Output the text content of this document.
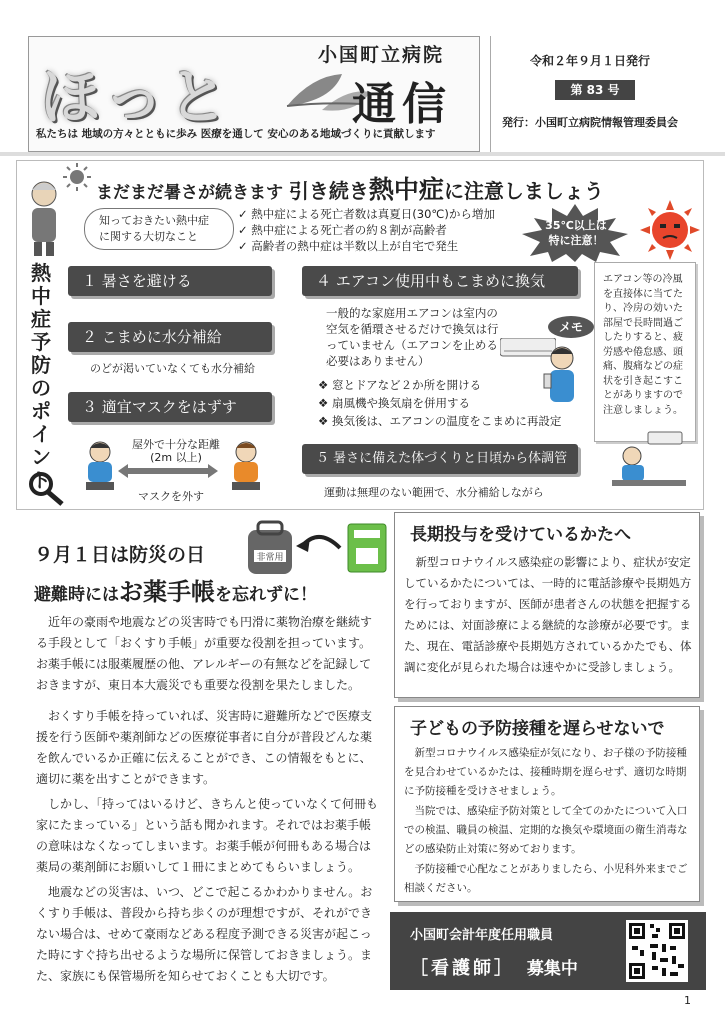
ほっと
小国町立病院
通信
私たちは 地域の方々とともに歩み 医療を通して 安心のある地域づくりに貢献します
令和２年９月１日発行
第 83 号
発行：小国町立病院情報管理委員会
まだまだ暑さが続きます 引き続き熱中症に注意しましょう
知っておきたい熱中症
に関する大切なこと
✓ 熱中症による死亡者数は真夏日(30℃)から増加
✓ 熱中症による死亡者の約８割が高齢者
✓ 高齢者の熱中症は半数以上が自宅で発生
35℃以上は
特に注意！
熱中症予防のポイント
１ 暑さを避ける
２ こまめに水分補給
のどが渇いていなくても水分補給
３ 適宜マスクをはずす
屋外で十分な距離
(2m 以上)
マスクを外す
４ エアコン使用中もこまめに換気
一般的な家庭用エアコンは室内の空気を循環させるだけで換気は行っていません（エアコンを止める必要はありません）
メモ
❖ 窓とドアなど２か所を開ける
❖ 扇風機や換気扇を併用する
❖ 換気後は、エアコンの温度をこまめに再設定
５ 暑さに備えた体づくりと日頃から体調管理
運動は無理のない範囲で、水分補給しながら
エアコン等の冷風を直接体に当てたり、冷房の効いた部屋で長時間過ごしたりすると、疲労感や倦怠感、頭痛、腹痛などの症状を引き起こすことがありますので注意しましょう。
９月１日は防災の日
避難時にはお薬手帳を忘れずに！
非常用
近年の豪雨や地震などの災害時でも円滑に薬物治療を継続する手段として「おくすり手帳」が重要な役割を担っています。お薬手帳には服薬履歴の他、アレルギーの有無などを記録しておきますが、東日本大震災でも重要な役割を果たしました。
おくすり手帳を持っていれば、災害時に避難所などで医療支援を行う医師や薬剤師などの医療従事者に自分が普段どんな薬を飲んでいるか正確に伝えることができ、この情報をもとに、適切に薬を出すことができます。
しかし、「持ってはいるけど、きちんと使っていなくて何冊も家にたまっている」という話も聞かれます。それではお薬手帳の意味はなくなってしまいます。お薬手帳が何冊もある場合は薬局の薬剤師にお願いして１冊にまとめてもらいましょう。
地震などの災害は、いつ、どこで起こるかわかりません。おくすり手帳は、普段から持ち歩くのが理想ですが、それができない場合は、せめて豪雨などある程度予測できる災害が起こった時にすぐ持ち出せるような場所に保管しておきましょう。また、家族にも保管場所を知らせておくことも大切です。
長期投与を受けているかたへ
新型コロナウイルス感染症の影響により、症状が安定しているかたについては、一時的に電話診療や長期処方を行っておりますが、医師が患者さんの状態を把握するためには、対面診療による継続的な診療が必要です。また、現在、電話診療や長期処方されているかたでも、体調に変化が見られた場合は速やかに受診しましょう。
子どもの予防接種を遅らせないで
新型コロナウイルス感染症が気になり、お子様の予防接種を見合わせているかたは、接種時期を遅らせず、適切な時期に予防接種を受けさせましょう。
当院では、感染症予防対策として全てのかたについて入口での検温、職員の検温、定期的な換気や環境面の衛生消毒などの感染防止対策に努めております。
予防接種で心配なことがありましたら、小児科外来までご相談ください。
小国町会計年度任用職員
［看護師］ 募集中
1
